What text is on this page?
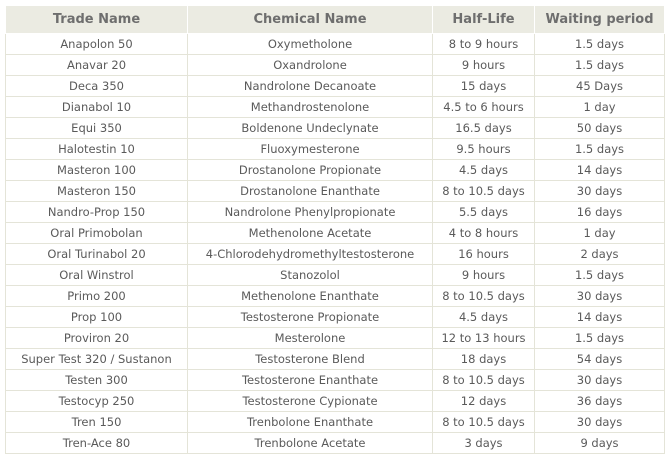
Trade Name	Chemical Name	Half-Life	Waiting period
Anapolon 50	Oxymetholone	8 to 9 hours	1.5 days
Anavar 20	Oxandrolone	9 hours	1.5 days
Deca 350	Nandrolone Decanoate	15 days	45 Days
Dianabol 10	Methandrostenolone	4.5 to 6 hours	1 day
Equi 350	Boldenone Undeclynate	16.5 days	50 days
Halotestin 10	Fluoxymesterone	9.5 hours	1.5 days
Masteron 100	Drostanolone Propionate	4.5 days	14 days
Masteron 150	Drostanolone Enanthate	8 to 10.5 days	30 days
Nandro-Prop 150	Nandrolone Phenylpropionate	5.5 days	16 days
Oral Primobolan	Methenolone Acetate	4 to 8 hours	1 day
Oral Turinabol 20	4-Chlorodehydromethyltestosterone	16 hours	2 days
Oral Winstrol	Stanozolol	9 hours	1.5 days
Primo 200	Methenolone Enanthate	8 to 10.5 days	30 days
Prop 100	Testosterone Propionate	4.5 days	14 days
Proviron 20	Mesterolone	12 to 13 hours	1.5 days
Super Test 320 / Sustanon	Testosterone Blend	18 days	54 days
Testen 300	Testosterone Enanthate	8 to 10.5 days	30 days
Testocyp 250	Testosterone Cypionate	12 days	36 days
Tren 150	Trenbolone Enanthate	8 to 10.5 days	30 days
Tren-Ace 80	Trenbolone Acetate	3 days	9 days
